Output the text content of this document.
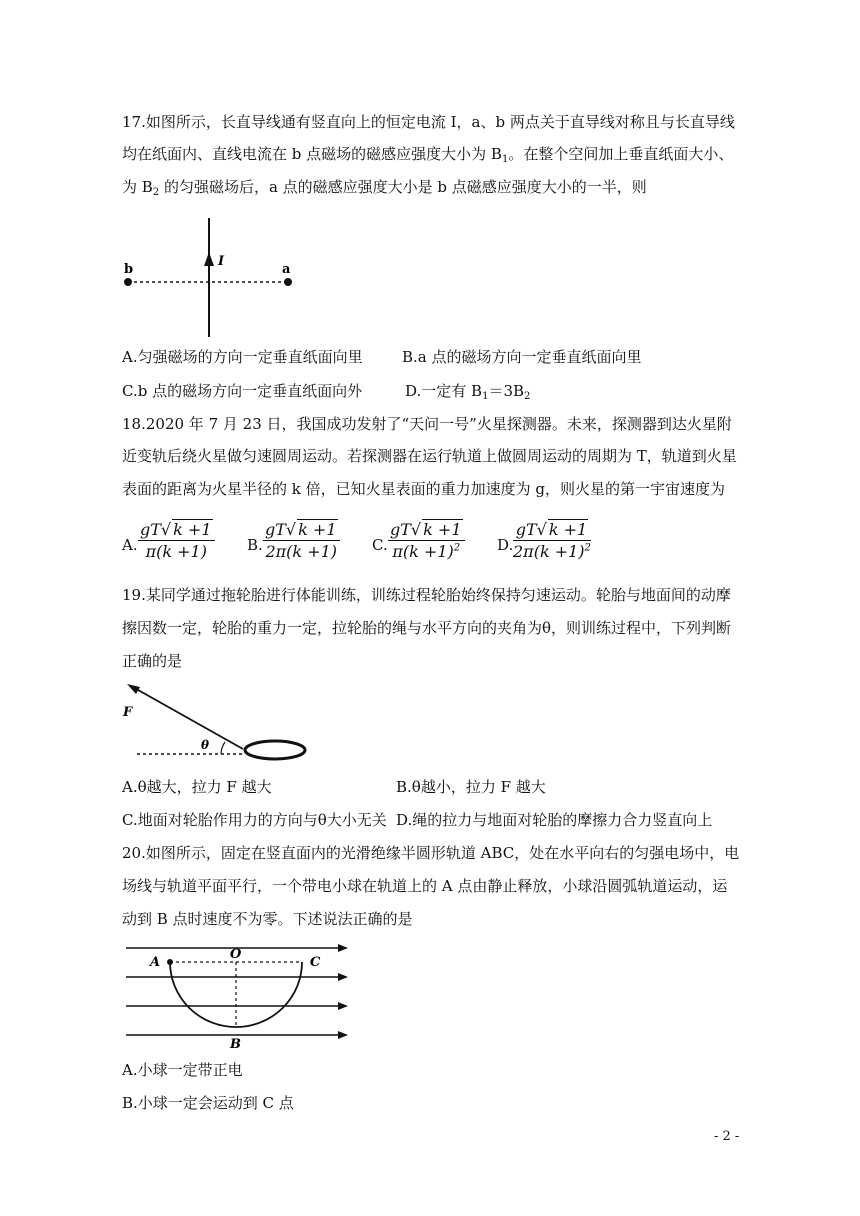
17.如图所示，长直导线通有竖直向上的恒定电流 I，a、b 两点关于直导线对称且与长直导线
均在纸面内、直线电流在 b 点磁场的磁感应强度大小为 $B_1$。在整个空间加上垂直纸面大小、
为 $B_2$ 的匀强磁场后，a 点的磁感应强度大小是 b 点磁感应强度大小的一半，则
b	a
I
A.匀强磁场的方向一定垂直纸面向里	B.a 点的磁场方向一定垂直纸面向里
C.b 点的磁场方向一定垂直纸面向外	D.一定有 $B_1=3B_2$
18.2020 年 7 月 23 日，我国成功发射了“天问一号”火星探测器。未来，探测器到达火星附
近变轨后绕火星做匀速圆周运动。若探测器在运行轨道上做圆周运动的周期为 T，轨道到火星
表面的距离为火星半径的 k 倍，已知火星表面的重力加速度为 g，则火星的第一宇宙速度为
A. $\frac{gT√ k +1}{\pi(k +1)} B$. $\frac{gT√ k +1}{2\pi(k +1)} C$. $\frac{gT√ k +1}{\pi(k +1)^2} D$. $\frac{gT√ k +1}{2\pi(k +1)^2}$
19.某同学通过拖轮胎进行体能训练，训练过程轮胎始终保持匀速运动。轮胎与地面间的动摩
擦因数一定，轮胎的重力一定，拉轮胎的绳与水平方向的夹角为θ，则训练过程中，下列判断
正确的是
F
θ
A.θ越大，拉力 F 越大	B.θ越小，拉力 F 越大
C.地面对轮胎作用力的方向与θ大小无关 D.绳的拉力与地面对轮胎的摩擦力合力竖直向上
20.如图所示，固定在竖直面内的光滑绝缘半圆形轨道 ABC，处在水平向右的匀强电场中，电
场线与轨道平面平行，一个带电小球在轨道上的 A 点由静止释放，小球沿圆弧轨道运动，运
动到 B 点时速度不为零。下述说法正确的是
A
O
C
B
A.小球一定带正电
B.小球一定会运动到 C 点
- 2 -
